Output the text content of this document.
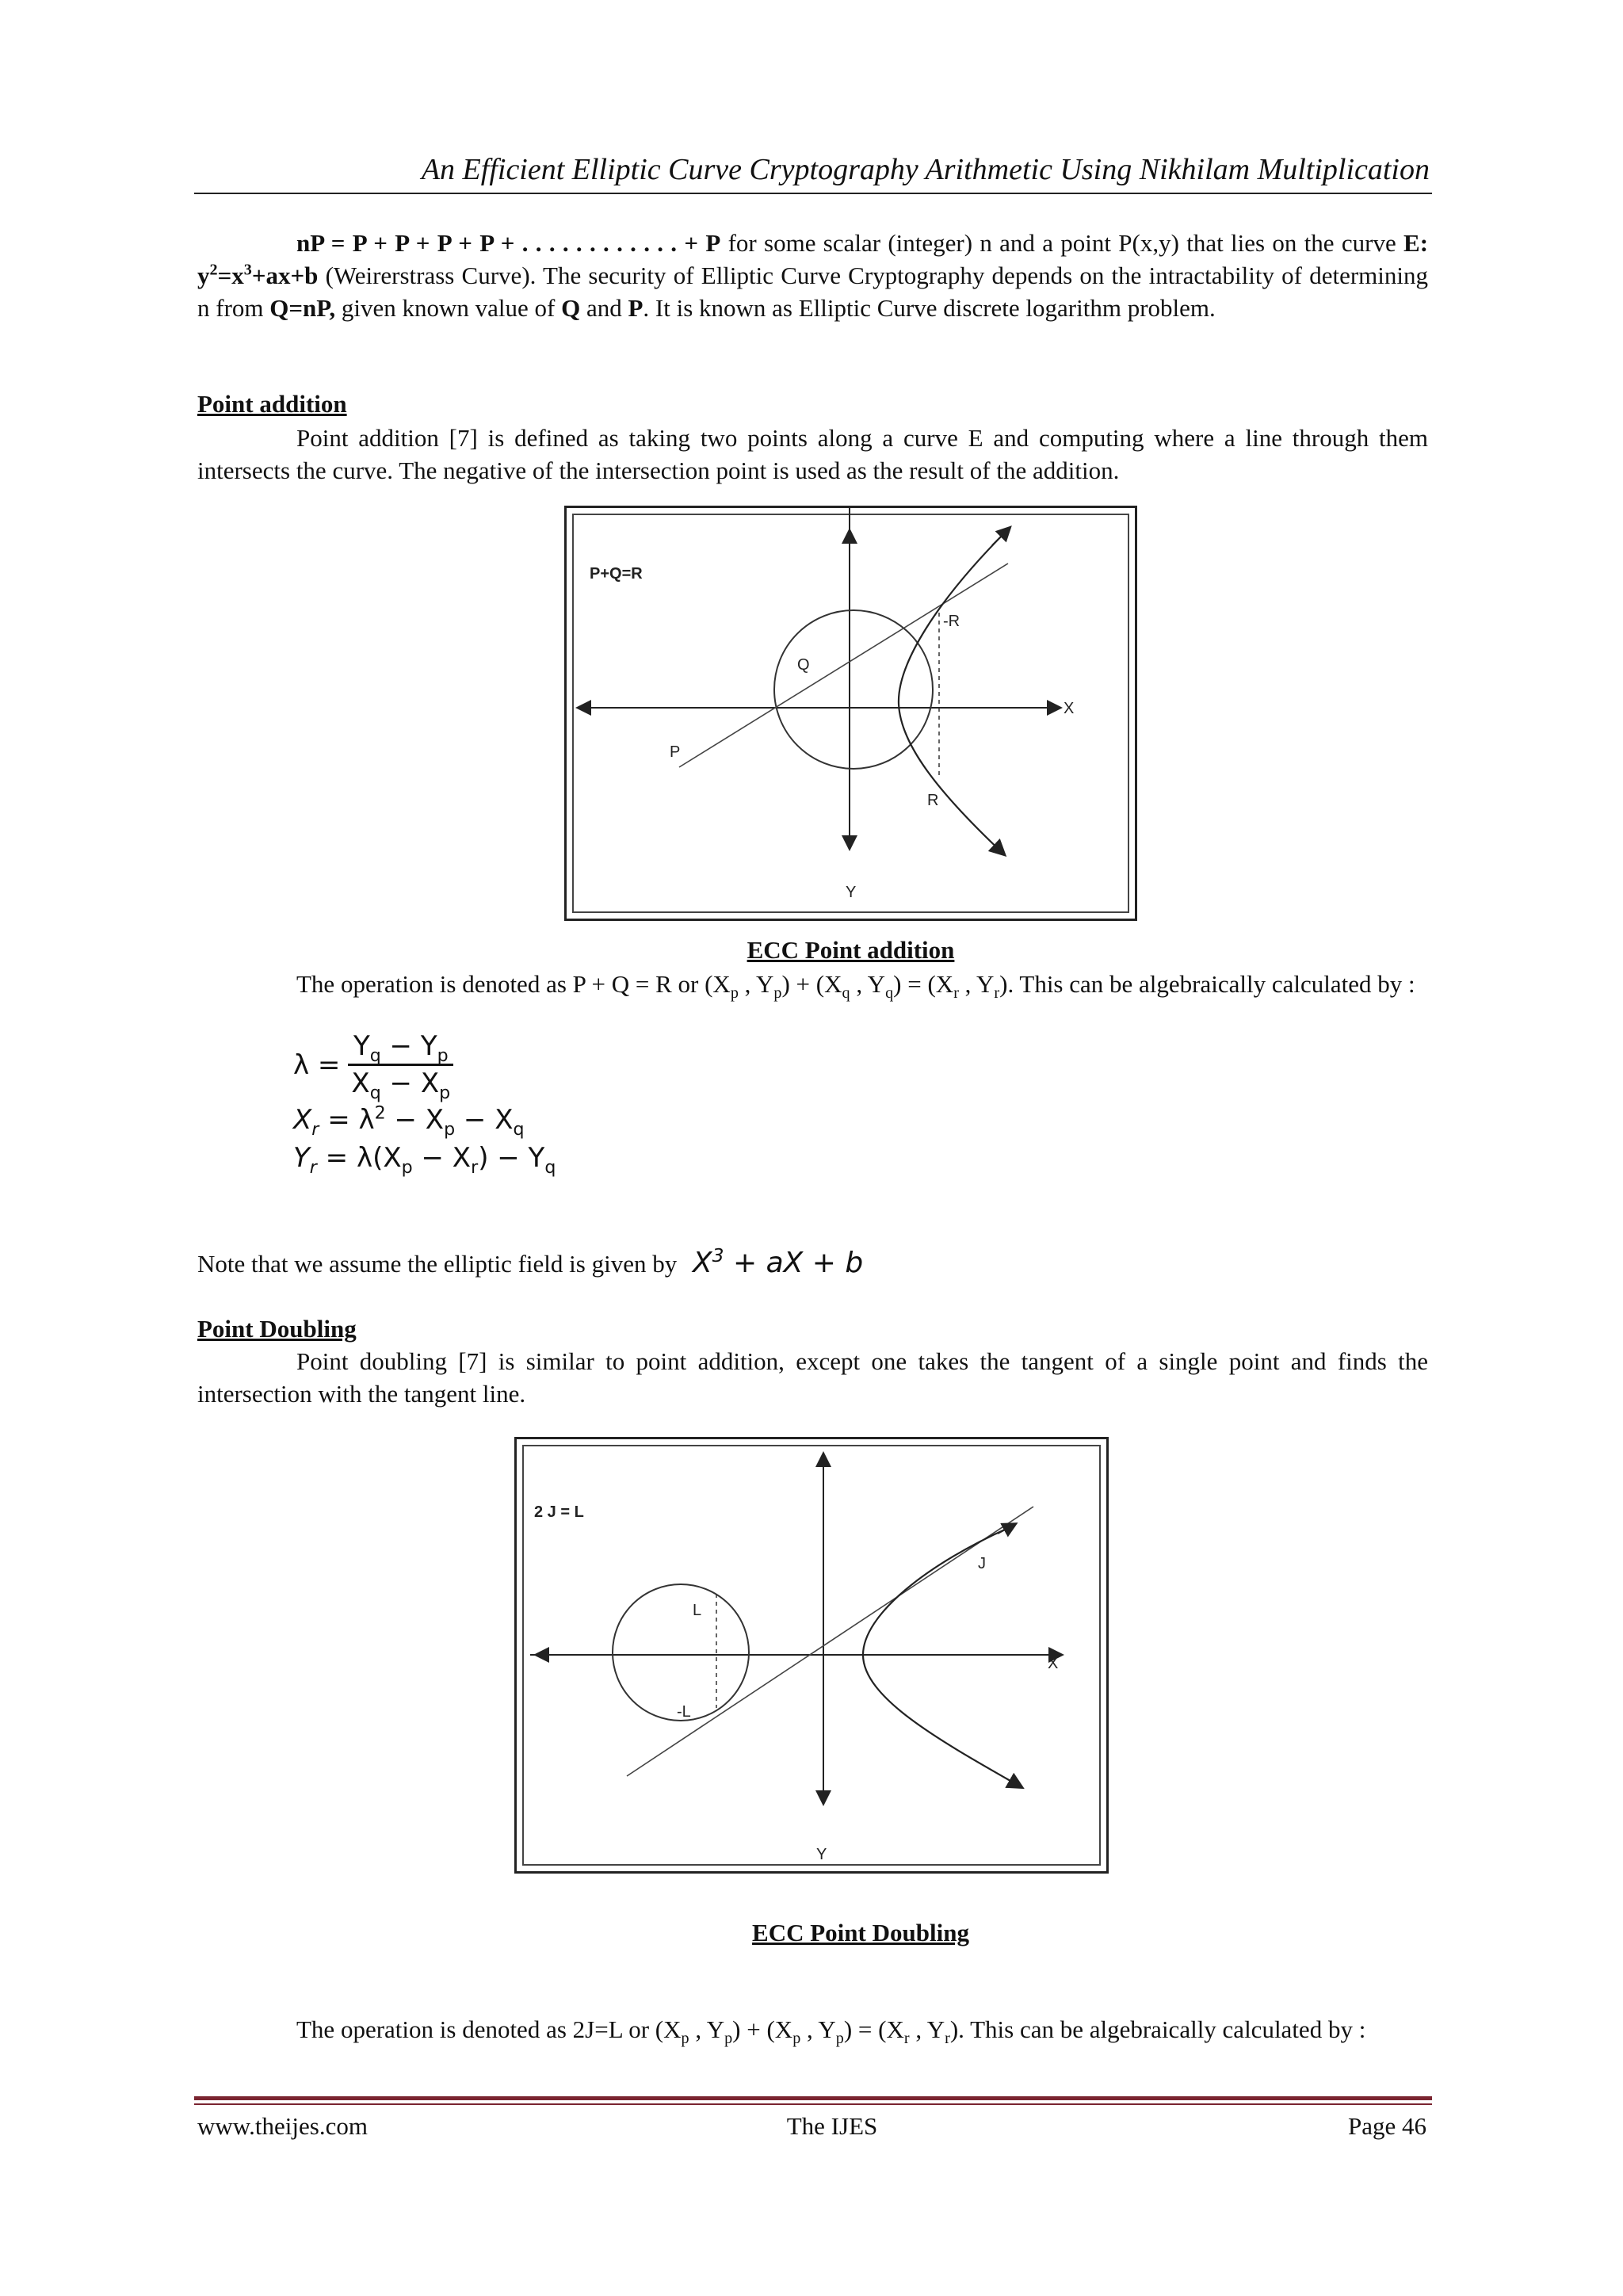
An Efficient Elliptic Curve Cryptography Arithmetic Using Nikhilam Multiplication

nP = P + P + P + P + . . . . . . . . . . . . + P for some scalar (integer) n and a point P(x,y) that lies on the curve E: $y^2=x^3+ax+b$ (Weirerstrass Curve). The security of Elliptic Curve Cryptography depends on the intractability of determining n from Q=nP, given known value of Q and P. It is known as Elliptic Curve discrete logarithm problem.

Point addition

Point addition [7] is defined as taking two points along a curve E and computing where a line through them intersects the curve. The negative of the intersection point is used as the result of the addition.

P+Q=R
Q
P
-R
R
X
Y
ECC Point addition

The operation is denoted as P + Q = R or ($X_p$ , $Y_p) + (X_q$ , $Y_q) = (X_r$ , $Y_r$). This can be algebraically calculated by :

$\lambda = \frac{Y_q - Y_p}{X_q - X_p}$
$X_r = \lambda^2 - X_p - X_q$
$Y_r = \lambda(X_p - X_r) - Y_q$
Note that we assume the elliptic field is given by $X^3$ + aX + b
Point Doubling

Point doubling [7] is similar to point addition, except one takes the tangent of a single point and finds the intersection with the tangent line.

2 J = L
L
-L
J
X
Y
ECC Point Doubling

The operation is denoted as 2J=L or ($X_p$ , $Y_p) + (X_p$ , $Y_p) = (X_r$ , $Y_r$). This can be algebraically calculated by :

www.theijes.com	The IJES	Page 46
